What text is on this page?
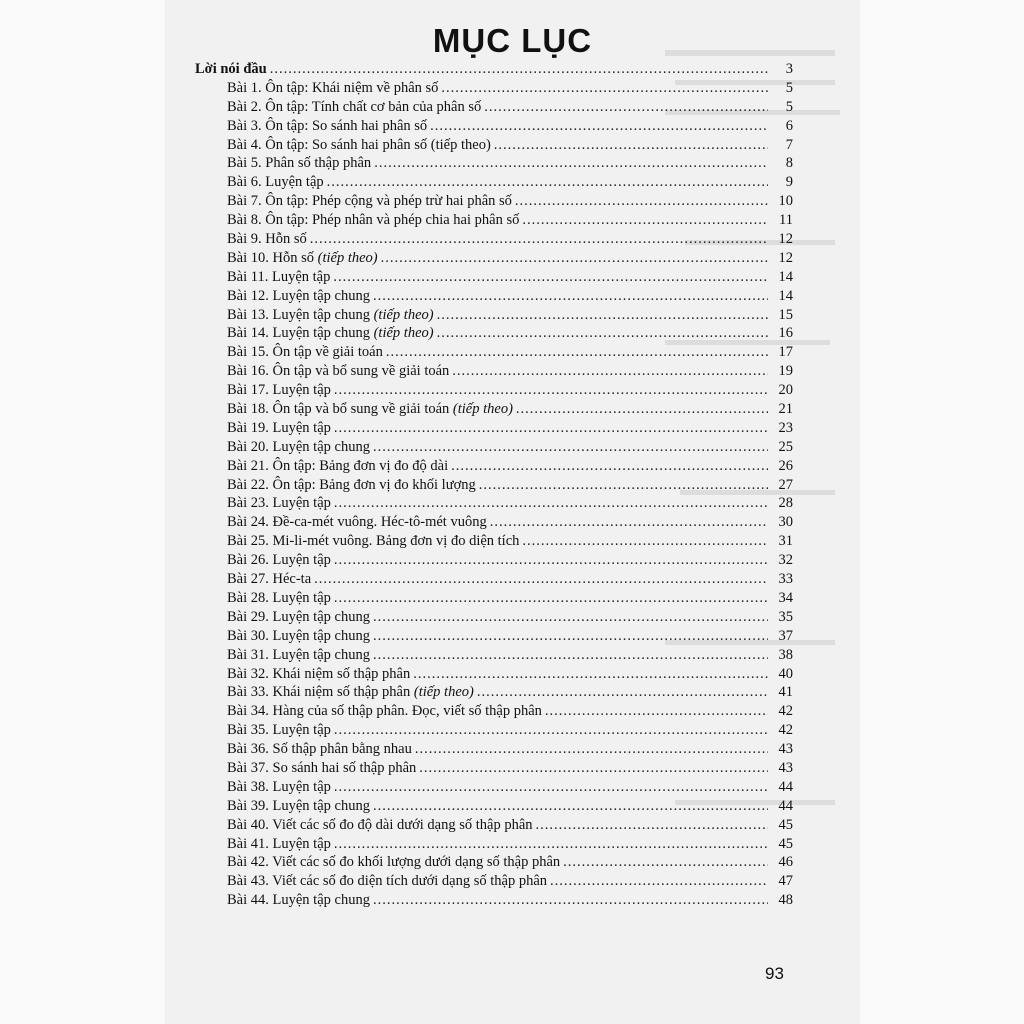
MỤC LỤC
Lời nói đầu .....	3
Bài 1. Ôn tập: Khái niệm về phân số .....	5
Bài 2. Ôn tập: Tính chất cơ bản của phân số .....	5
Bài 3. Ôn tập: So sánh hai phân số .....	6
Bài 4. Ôn tập: So sánh hai phân số (tiếp theo) .....	7
Bài 5. Phân số thập phân .....	8
Bài 6. Luyện tập .....	9
Bài 7. Ôn tập: Phép cộng và phép trừ hai phân số .....	10
Bài 8. Ôn tập: Phép nhân và phép chia hai phân số .....	11
Bài 9. Hỗn số .....	12
Bài 10. Hỗn số (tiếp theo) .....	12
Bài 11. Luyện tập .....	14
Bài 12. Luyện tập chung .....	14
Bài 13. Luyện tập chung (tiếp theo) .....	15
Bài 14. Luyện tập chung (tiếp theo) .....	16
Bài 15. Ôn tập về giải toán .....	17
Bài 16. Ôn tập và bổ sung về giải toán .....	19
Bài 17. Luyện tập .....	20
Bài 18. Ôn tập và bổ sung về giải toán (tiếp theo) .....	21
Bài 19. Luyện tập .....	23
Bài 20. Luyện tập chung .....	25
Bài 21. Ôn tập: Bảng đơn vị đo độ dài .....	26
Bài 22. Ôn tập: Bảng đơn vị đo khối lượng .....	27
Bài 23. Luyện tập .....	28
Bài 24. Đề-ca-mét vuông. Héc-tô-mét vuông .....	30
Bài 25. Mi-li-mét vuông. Bảng đơn vị đo diện tích .....	31
Bài 26. Luyện tập .....	32
Bài 27. Héc-ta .....	33
Bài 28. Luyện tập .....	34
Bài 29. Luyện tập chung .....	35
Bài 30. Luyện tập chung .....	37
Bài 31. Luyện tập chung .....	38
Bài 32. Khái niệm số thập phân .....	40
Bài 33. Khái niệm số thập phân (tiếp theo) .....	41
Bài 34. Hàng của số thập phân. Đọc, viết số thập phân .....	42
Bài 35. Luyện tập .....	42
Bài 36. Số thập phân bằng nhau .....	43
Bài 37. So sánh hai số thập phân .....	43
Bài 38. Luyện tập .....	44
Bài 39. Luyện tập chung .....	44
Bài 40. Viết các số đo độ dài dưới dạng số thập phân .....	45
Bài 41. Luyện tập .....	45
Bài 42. Viết các số đo khối lượng dưới dạng số thập phân .....	46
Bài 43. Viết các số đo diện tích dưới dạng số thập phân .....	47
Bài 44. Luyện tập chung .....	48
93
